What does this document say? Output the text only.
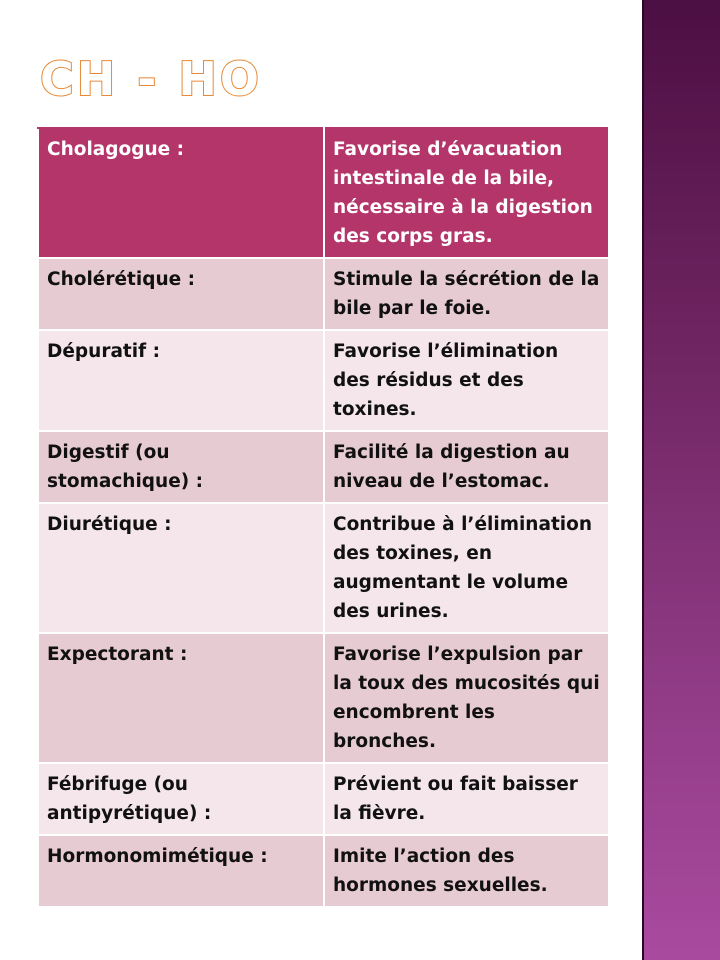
CH - HO
Cholagogue :	Favorise d’évacuation intestinale de la bile, nécessaire à la digestion des corps gras.
Cholérétique :	Stimule la sécrétion de la bile par le foie.
Dépuratif :	Favorise l’élimination des résidus et des toxines.
Digestif (ou stomachique) :	Facilité la digestion au niveau de l’estomac.
Diurétique :	Contribue à l’élimination des toxines, en augmentant le volume des urines.
Expectorant :	Favorise l’expulsion par la toux des mucosités qui encombrent les bronches.
Fébrifuge (ou antipyrétique) :	Prévient ou fait baisser la fièvre.
Hormonomimétique :	Imite l’action des hormones sexuelles.
